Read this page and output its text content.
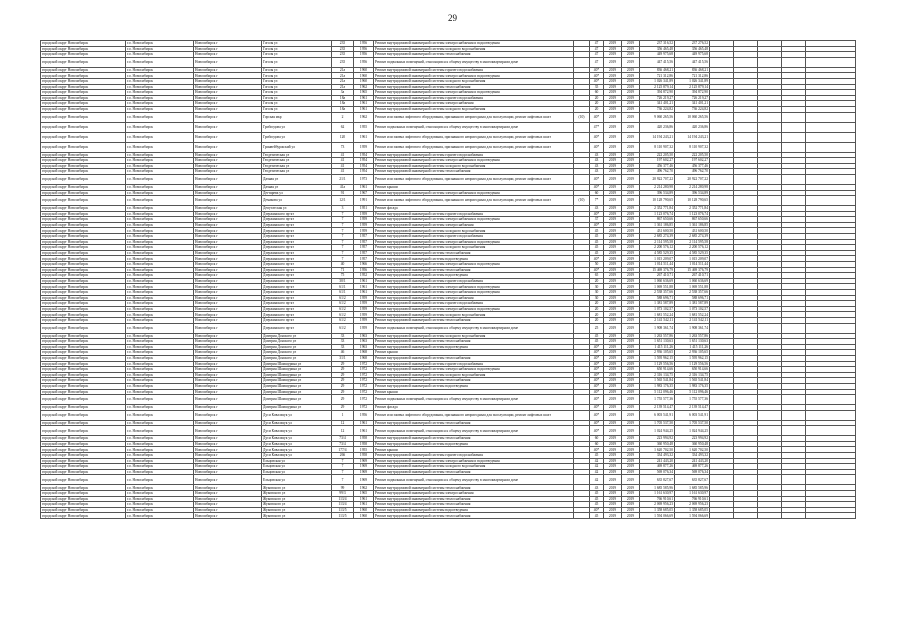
29
городской округ Новосибирск	г.о. Новосибирск	Новосибирск г	Гоголя ул	235	1956	Ремонт внутридомовой инженерной системы электроснабжения и водоотведения		47	2019	2019	237 316,52	237 276,52					
городской округ Новосибирск	г.о. Новосибирск	Новосибирск г	Гоголя ул	235	1956	Ремонт внутридомовой инженерной системы холодного водоснабжения		47	2019	2019	356 465,48	356 465,48					
городской округ Новосибирск	г.о. Новосибирск	Новосибирск г	Гоголя ул	235	1956	Ремонт внутридомовой инженерной системы теплоснабжения		47	2019	2019	449 975,68	449 975,68					
городской округ Новосибирск	г.о. Новосибирск	Новосибирск г	Гоголя ул	235	1956	Ремонт подвальных помещений, относящихся к общему имуществу в многоквартирном доме		47	2019	2019	447 415,56	447 415,56					
городской округ Новосибирск	г.о. Новосибирск	Новосибирск г	Гоголя ул	21а	1960	Ремонт внутридомовой инженерной системы горячего водоснабжения		40*	2019	2019	836 468,21	836 468,21					
городской округ Новосибирск	г.о. Новосибирск	Новосибирск г	Гоголя ул	21а	1960	Ремонт внутридомовой инженерной системы электроснабжения и водоотведения		40*	2019	2019	721 312,86	721 312,86					
городской округ Новосибирск	г.о. Новосибирск	Новосибирск г	Гоголя ул	21а	1960	Ремонт внутридомовой инженерной системы холодного водоснабжения		40*	2019	2019	1 026 341,89	1 026 341,89					
городской округ Новосибирск	г.о. Новосибирск	Новосибирск г	Гоголя ул	21а	1962	Ремонт внутридомовой инженерной системы теплоснабжения		35	2019	2019	2 125 879,14	2 125 879,14					
городской округ Новосибирск	г.о. Новосибирск	Новосибирск г	Гоголя ул	3а	1965	Ремонт внутридомовой инженерной системы электроснабжения и водоотведения		60	2019	2019	394 872,90	394 872,90					
городской округ Новосибирск	г.о. Новосибирск	Новосибирск г	Гоголя ул	18а	1961	Ремонт внутридомовой инженерной системы горячего водоснабжения		20	2019	2019	726 219,27	726 219,27					
городской округ Новосибирск	г.о. Новосибирск	Новосибирск г	Гоголя ул	18а	1961	Ремонт внутридомовой инженерной системы электроснабжения		20	2019	2019	341 401,21	341 401,21					
городской округ Новосибирск	г.о. Новосибирск	Новосибирск г	Гоголя ул	18а	1961	Ремонт внутридомовой инженерной системы холодного водоснабжения		20	2019	2019	736 224,82	736 224,82					
городской округ Новосибирск	г.о. Новосибирск	Новосибирск г	Горская мкр	2	1962	Ремонт или замена лифтового оборудования, признанного непригодным для эксплуатации, ремонт лифтовых шахт	(10)	40*	2019	2019	9 060 265,56	10 060 265,56					
городской округ Новосибирск	г.о. Новосибирск	Новосибирск г	Грибоедова ул	62	1955	Ремонт подвальных помещений, относящихся к общему имуществу в многоквартирном доме		47*	2019	2019	420 236,86	420 236,86					
городской округ Новосибирск	г.о. Новосибирск	Новосибирск г	Грибоедова ул	120	1961	Ремонт или замена лифтового оборудования, признанного непригодным для эксплуатации, ремонт лифтовых шахт		40*	2019	2019	14 194 243,21	14 194 243,21					
городской округ Новосибирск	г.о. Новосибирск	Новосибирск г	Гринвейбуржский ул	73	1959	Ремонт или замена лифтового оборудования, признанного непригодным для эксплуатации, ремонт лифтовых шахт		40*	2019	2019	8 110 907,32	8 110 907,32					
городской округ Новосибирск	г.о. Новосибирск	Новосибирск г	Геодезическая ул	41	1954	Ремонт внутридомовой инженерной системы горячего водоснабжения		43	2019	2019	222 205,50	222 205,50					
городской округ Новосибирск	г.о. Новосибирск	Новосибирск г	Геодезическая ул	41	1954	Ремонт внутридомовой инженерной системы электроснабжения и водоотведения		43	2019	2019	197 602,27	197 602,27					
городской округ Новосибирск	г.о. Новосибирск	Новосибирск г	Геодезическая ул	41	1954	Ремонт внутридомовой инженерной системы холодного водоснабжения		43	2019	2019	456 377,46	456 377,46					
городской округ Новосибирск	г.о. Новосибирск	Новосибирск г	Геодезическая ул	41	1954	Ремонт внутридомовой инженерной системы теплоснабжения		43	2019	2019	496 762,70	496 762,70					
городской округ Новосибирск	г.о. Новосибирск	Новосибирск г	Дачная ул	21/1	1973	Ремонт или замена лифтового оборудования, признанного непригодным для эксплуатации, ремонт лифтовых шахт		40*	2019	2019	20 922 707,22	20 922 707,22					
городской округ Новосибирск	г.о. Новосибирск	Новосибирск г	Дачная ул	41а	1961	Ремонт крыши		40*	2019	2019	2 214 280,98	2 214 280,98					
городской округ Новосибирск	г.о. Новосибирск	Новосибирск г	Дегтярева ул	91	1967	Ремонт внутридомовой инженерной системы электроснабжения и водоотведения		60	2019	2019	396 534,89	396 534,89					
городской округ Новосибирск	г.о. Новосибирск	Новосибирск г	Демакова ул	12/1	1991	Ремонт или замена лифтового оборудования, признанного непригодным для эксплуатации, ремонт лифтовых шахт	(10)	7*	2019	2019	10 128 790,65	10 128 790,65					
городской округ Новосибирск	г.о. Новосибирск	Новосибирск г	Депутатская ул	3	1951	Ремонт фасада		43	2019	2019	2 352 771,84	2 352 771,84					
городской округ Новосибирск	г.о. Новосибирск	Новосибирск г	Дзержинского пр-кт	7	1959	Ремонт внутридомовой инженерной системы горячего водоснабжения		40*	2019	2019	1 123 076,74	1 123 076,74					
городской округ Новосибирск	г.о. Новосибирск	Новосибирск г	Дзержинского пр-кт	7	1959	Ремонт внутридомовой инженерной системы электроснабжения и водоотведения		37	2019	2019	867 650,66	867 650,66					
городской округ Новосибирск	г.о. Новосибирск	Новосибирск г	Дзержинского пр-кт	7	1959	Ремонт внутридомовой инженерной системы электроснабжения		40*	2019	2019	1 361 186,85	1 361 186,85					
городской округ Новосибирск	г.о. Новосибирск	Новосибирск г	Дзержинского пр-кт	7	1959	Ремонт внутридомовой инженерной системы холодного водоснабжения		45	2019	2019	431 600,50	431 600,50					
городской округ Новосибирск	г.о. Новосибирск	Новосибирск г	Дзержинского пр-кт	7	1957	Ремонт внутридомовой инженерной системы горячего водоснабжения		45	2019	2019	2 685 274,39	2 685 274,39					
городской округ Новосибирск	г.о. Новосибирск	Новосибирск г	Дзержинского пр-кт	7	1957	Ремонт внутридомовой инженерной системы электроснабжения и водоотведения		45	2019	2019	2 114 595,58	2 114 595,58					
городской округ Новосибирск	г.о. Новосибирск	Новосибирск г	Дзержинского пр-кт	7	1957	Ремонт внутридомовой инженерной системы холодного водоснабжения		45	2019	2019	2 200 576,12	2 200 576,12					
городской округ Новосибирск	г.о. Новосибирск	Новосибирск г	Дзержинского пр-кт	7	1957	Ремонт внутридомовой инженерной системы теплоснабжения		45	2019	2019	4 585 529,35	4 585 529,35					
городской округ Новосибирск	г.о. Новосибирск	Новосибирск г	Дзержинского пр-кт	7	1957	Ремонт внутридомовой инженерной системы водоотведения		40*	2019	2019	1 015 209,07	1 015 209,07					
городской округ Новосибирск	г.о. Новосибирск	Новосибирск г	Дзержинского пр-кт	40	1966	Ремонт внутридомовой инженерной системы электроснабжения и водоотведения		50	2019	2019	1 014 511,44	1 014 511,44					
городской округ Новосибирск	г.о. Новосибирск	Новосибирск г	Дзержинского пр-кт	71	1956	Ремонт внутридомовой инженерной системы теплоснабжения		40*	2019	2019	15 469 376,79	15 469 376,79					
городской округ Новосибирск	г.о. Новосибирск	Новосибирск г	Дзержинского пр-кт	75	1952	Ремонт внутридомовой инженерной системы водоотведения		65	2019	2019	267 410,71	267 410,71					
городской округ Новосибирск	г.о. Новосибирск	Новосибирск г	Дзержинского пр-кт	30/1	1961	Ремонт внутридомовой инженерной системы горячего водоснабжения		20	2019	2019	1 060 636,69	1 060 636,69					
городской округ Новосибирск	г.о. Новосибирск	Новосибирск г	Дзержинского пр-кт	61/1	1961	Ремонт внутридомовой инженерной системы электроснабжения и водоотведения		30	2019	2019	1 069 551,88	1 069 551,88					
городской округ Новосибирск	г.о. Новосибирск	Новосибирск г	Дзержинского пр-кт	61/1	1961	Ремонт внутридомовой инженерной системы электроснабжения и водоотведения		30	2019	2019	2 538 357,66	2 538 357,66					
городской округ Новосибирск	г.о. Новосибирск	Новосибирск г	Дзержинского пр-кт	61/2	1959	Ремонт внутридомовой инженерной системы электроснабжения		30	2019	2019	588 696,71	588 696,71					
городской округ Новосибирск	г.о. Новосибирск	Новосибирск г	Дзержинского пр-кт	61/2	1959	Ремонт внутридомовой инженерной системы горячего водоснабжения		20	2019	2019	1 381 587,89	1 381 587,89					
городской округ Новосибирск	г.о. Новосибирск	Новосибирск г	Дзержинского пр-кт	61/2	1959	Ремонт внутридомовой инженерной системы электроснабжения и водоотведения		20	2019	2019	1 073 102,57	1 073 102,57					
городской округ Новосибирск	г.о. Новосибирск	Новосибирск г	Дзержинского пр-кт	61/2	1959	Ремонт внутридомовой инженерной системы холодного водоснабжения		20	2019	2019	1 681 552,24	1 681 552,24					
городской округ Новосибирск	г.о. Новосибирск	Новосибирск г	Дзержинского пр-кт	61/2	1959	Ремонт внутридомовой инженерной системы теплоснабжения		20	2019	2019	2 141 542,11	2 141 542,11					
городской округ Новосибирск	г.о. Новосибирск	Новосибирск г	Дзержинского пр-кт	61/2	1959	Ремонт подвальных помещений, относящихся к общему имуществу в многоквартирном доме		25	2019	2019	1 908 361,74	1 908 361,74					
городской округ Новосибирск	г.о. Новосибирск	Новосибирск г	Дмитрия Донского ул	33	1963	Ремонт внутридомовой инженерной системы холодного водоснабжения		45	2019	2019	1 263 557,86	1 263 557,86					
городской округ Новосибирск	г.о. Новосибирск	Новосибирск г	Дмитрия Донского ул	33	1963	Ремонт внутридомовой инженерной системы теплоснабжения		45	2019	2019	1 651 130,63	1 651 130,63					
городской округ Новосибирск	г.о. Новосибирск	Новосибирск г	Дмитрия Донского ул	33	1963	Ремонт внутридомовой инженерной системы водоотведения		40*	2019	2019	1 415 111,26	1 415 111,26					
городской округ Новосибирск	г.о. Новосибирск	Новосибирск г	Дмитрия Донского ул	46	1968	Ремонт крыши		40*	2019	2019	2 936 105,65	2 936 105,65					
городской округ Новосибирск	г.о. Новосибирск	Новосибирск г	Дмитрия Донского ул	31/1	1968	Ремонт внутридомовой инженерной системы теплоснабжения		40*	2019	2019	1 595 962,15	1 595 962,15					
городской округ Новосибирск	г.о. Новосибирск	Новосибирск г	Дмитрия Шамшурина ул	29	1972	Ремонт внутридомовой инженерной системы горячего водоснабжения		40*	2019	2019	1 129 556,56	1 129 556,56					
городской округ Новосибирск	г.о. Новосибирск	Новосибирск г	Дмитрия Шамшурина ул	29	1972	Ремонт внутридомовой инженерной системы электроснабжения и водоотведения		40*	2019	2019	650 914,66	650 914,66					
городской округ Новосибирск	г.о. Новосибирск	Новосибирск г	Дмитрия Шамшурина ул	29	1972	Ремонт внутридомовой инженерной системы холодного водоснабжения		40*	2019	2019	2 316 134,75	2 316 134,75					
городской округ Новосибирск	г.о. Новосибирск	Новосибирск г	Дмитрия Шамшурина ул	29	1972	Ремонт внутридомовой инженерной системы теплоснабжения		40*	2019	2019	1 565 541,84	1 565 541,84					
городской округ Новосибирск	г.о. Новосибирск	Новосибирск г	Дмитрия Шамшурина ул	29	1972	Ремонт внутридомовой инженерной системы водоотведения		40*	2019	2019	1 983 176,35	1 983 176,35					
городской округ Новосибирск	г.о. Новосибирск	Новосибирск г	Дмитрия Шамшурина ул	29	1972	Ремонт крыши		40*	2019	2019	5 112 096,46	5 112 096,46					
городской округ Новосибирск	г.о. Новосибирск	Новосибирск г	Дмитрия Шамшурина ул	29	1972	Ремонт подвальных помещений, относящихся к общему имуществу в многоквартирном доме		40*	2019	2019	1 755 577,36	1 755 577,36					
городской округ Новосибирск	г.о. Новосибирск	Новосибирск г	Дмитрия Шамшурина ул	29	1972	Ремонт фасада		40*	2019	2019	2 139 514,47	2 139 514,47					
городской округ Новосибирск	г.о. Новосибирск	Новосибирск г	Дуси Ковальчук ул	1	1956	Ремонт или замена лифтового оборудования, признанного непригодным для эксплуатации, ремонт лифтовых шахт		40*	2019	2019	6 003 541,91	6 003 541,91					
городской округ Новосибирск	г.о. Новосибирск	Новосибирск г	Дуси Ковальчук ул	12	1961	Ремонт внутридомовой инженерной системы теплоснабжения		40*	2019	2019	1 705 537,50	1 705 537,50					
городской округ Новосибирск	г.о. Новосибирск	Новосибирск г	Дуси Ковальчук ул	12	1961	Ремонт подвальных помещений, относящихся к общему имуществу в многоквартирном доме		40*	2019	2019	1 024 944,25	1 024 944,25					
городской округ Новосибирск	г.о. Новосибирск	Новосибирск г	Дуси Ковальчук ул	73/4	1958	Ремонт внутридомовой инженерной системы теплоснабжения		60	2019	2019	223 994,92	223 994,92					
городской округ Новосибирск	г.о. Новосибирск	Новосибирск г	Дуси Ковальчук ул	73/4	1958	Ремонт внутридомовой инженерной системы водоотведения		60	2019	2019	360 950,48	360 950,48					
городской округ Новосибирск	г.о. Новосибирск	Новосибирск г	Дуси Ковальчук ул	177/4	1955	Ремонт крыши		40*	2019	2019	1 620 702,50	1 620 702,50					
городской округ Новосибирск	г.о. Новосибирск	Новосибирск г	Дуси Ковальчук ул	266	1958	Ремонт внутридомовой инженерной системы горячего водоснабжения		45	2019	2019	334 493,32	334 493,32					
городской округ Новосибирск	г.о. Новосибирск	Новосибирск г	Ельцовская ул	7	1969	Ремонт внутридомовой инженерной системы электроснабжения и водоотведения		42	2019	2019	241 443,20	241 443,20					
городской округ Новосибирск	г.о. Новосибирск	Новосибирск г	Ельцовская ул	7	1969	Ремонт внутридомовой инженерной системы холодного водоснабжения		42	2019	2019	469 877,26	469 877,26					
городской округ Новосибирск	г.о. Новосибирск	Новосибирск г	Ельцовская ул	7	1969	Ремонт внутридомовой инженерной системы теплоснабжения		42	2019	2019	569 076,34	569 076,34					
городской округ Новосибирск	г.о. Новосибирск	Новосибирск г	Ельцовская ул	7	1969	Ремонт подвальных помещений, относящихся к общему имуществу в многоквартирном доме		42	2019	2019	635 827,67	635 827,67					
городской округ Новосибирск	г.о. Новосибирск	Новосибирск г	Жуковского ул	99	1962	Ремонт внутридомовой инженерной системы теплоснабжения		43	2019	2019	1 685 585,96	1 685 585,96					
городской округ Новосибирск	г.о. Новосибирск	Новосибирск г	Жуковского ул	99/3	1965	Ремонт внутридомовой инженерной системы электроснабжения		45	2019	2019	1 161 630,97	1 161 630,97					
городской округ Новосибирск	г.о. Новосибирск	Новосибирск г	Жуковского ул	113/4	1961	Ремонт внутридомовой инженерной системы теплоснабжения		45	2019	2019	766 910,61	766 910,61					
городской округ Новосибирск	г.о. Новосибирск	Новосибирск г	Жуковского ул	113/4	1961	Ремонт внутридомовой инженерной системы теплоснабжения		45	2019	2019	2 069 956,23	2 069 956,23					
городской округ Новосибирск	г.о. Новосибирск	Новосибирск г	Жуковского ул	113/5	1960	Ремонт внутридомовой инженерной системы водоотведения		40*	2019	2019	1 358 685,05	1 358 685,05					
городской округ Новосибирск	г.о. Новосибирск	Новосибирск г	Жуковского ул	113/5	1960	Ремонт внутридомовой инженерной системы теплоснабжения		45	2019	2019	1 594 066,69	1 594 066,69					
